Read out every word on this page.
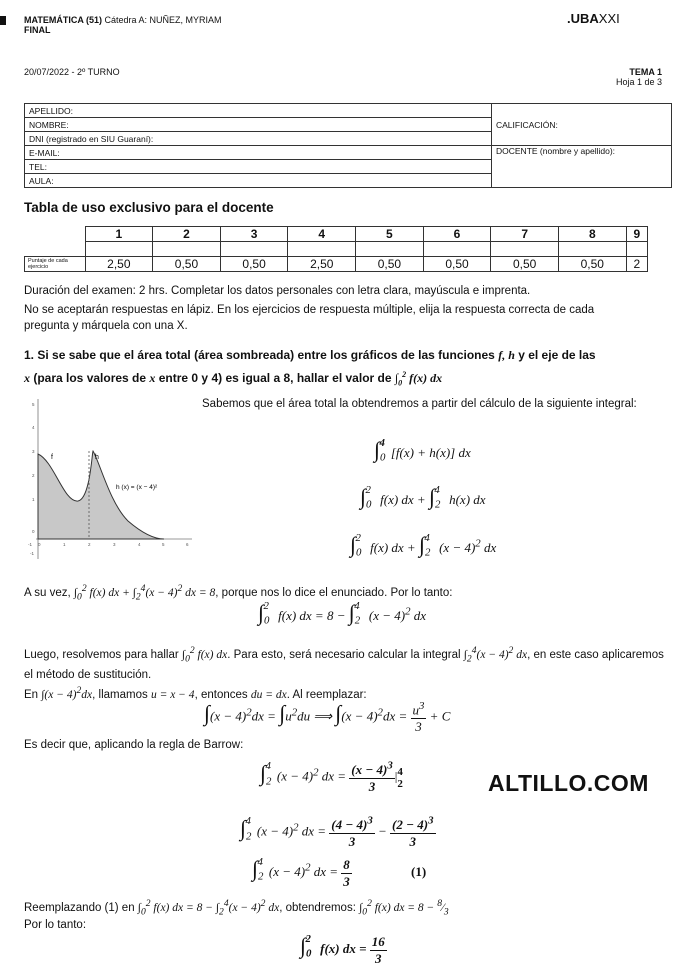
MATEMÁTICA (51) Cátedra A: NUÑEZ, MYRIAM
FINAL
.UBAXXI
20/07/2022 - 2º TURNO	TEMA 1
Hoja 1 de 3
APELLIDO:	CALIFICACIÓN:
NOMBRE:	
DNI (registrado en SIU Guaraní):	
E-MAIL:	DOCENTE (nombre y apellido):
TEL:	
AULA:	
Tabla de uso exclusivo para el docente
	1	2	3	4	5	6	7	8	9

Puntaje de cada ejercicio	2,50	0,50	0,50	2,50	0,50	0,50	0,50	0,50	2
Duración del examen: 2 hrs. Completar los datos personales con letra clara, mayúscula e imprenta.
No se aceptarán respuestas en lápiz. En los ejercicios de respuesta múltiple, elija la respuesta correcta de cada pregunta y márquela con una X.
1. Si se sabe que el área total (área sombreada) entre los gráficos de las funciones f, h y el eje de las
x (para los valores de x entre 0 y 4) es igual a 8, hallar el valor de $\int_0^2$ f(x) dx
f	h
h (x) = (x − 4)²
5
4
3
2
1
0
-1
-1 0	1	2	3	4	5	6
Sabemos que el área total la obtendremos a partir del cálculo de la siguiente integral:
$\int_0^4[f(x) + h(x)]$ dx
$\int_0^2$ f(x) dx + $\int_2^4$ h(x) dx
$\int_0^2$ f(x) dx + $\int_2^4$ $(x - 4)^2$ dx
A su vez, $\int_0^2$ f(x) dx + $\int_2^4(x - 4)^2$ dx = 8, porque nos lo dice el enunciado. Por lo tanto:
$\int_0^2$ f(x) dx = $8 - \int_2^4$ $(x - 4)^2$ dx
Luego, resolvemos para hallar $\int_0^2$ f(x) dx. Para esto, será necesario calcular la integral $\int_2^4(x - 4)^2$ dx, en este caso aplicaremos el método de sustitución.
En $\int(x - 4)^2dx$, llamamos u = x − 4, entonces du = dx. Al reemplazar:
$\int(x - 4)^2dx = \int u^2du$ ⟹ $\int(x - 4)^2dx = \frac{u^3}{3} + C$
Es decir que, aplicando la regla de Barrow:
$\int_2^4(x - 4)^2$ dx = $\frac{(x - 4)^3}{3} |4$
2	ALTILLO.COM
$\int_2^4(x - 4)^2$ dx = $\frac{(4 - 4)^3}{3} - \frac{(2 - 4)^3}{3}$
$\int_2^4(x - 4)^2$ dx = $\frac{8}{3}$	(1)
Reemplazando (1) en $\int_0^2$ f(x) dx = $8 - \int_2^4(x - 4)^2$ dx, obtendremos: $\int_0^2$ f(x) dx = $8 - ^8⁄_3$
Por lo tanto:
$\int_0^2$ f(x) dx = $\frac{16}{3}$
